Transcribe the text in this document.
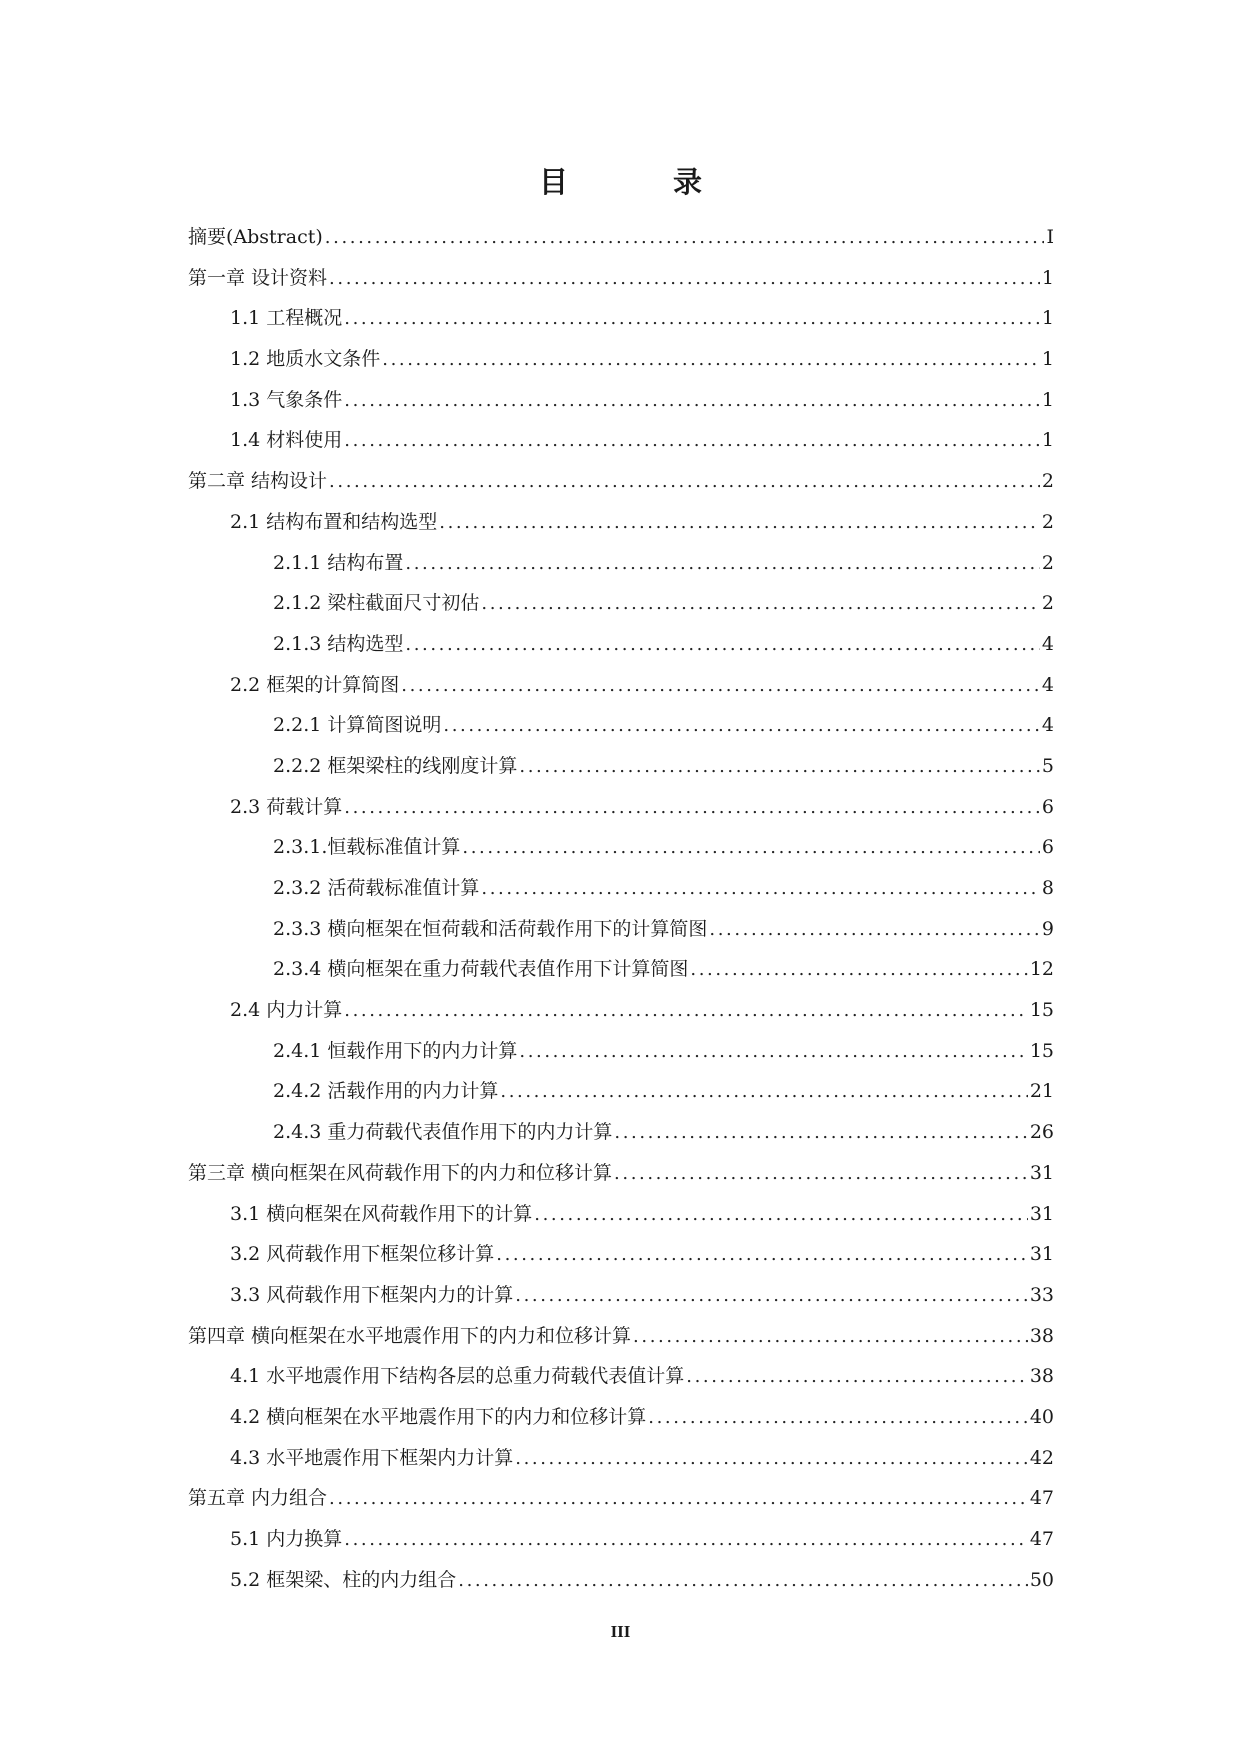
目　录
摘要(Abstract) .....	I
第一章 设计资料 .....	1
1.1 工程概况 .....	1
1.2 地质水文条件 .....	1
1.3 气象条件 .....	1
1.4 材料使用 .....	1
第二章 结构设计 .....	2
2.1 结构布置和结构选型 .....	2
2.1.1 结构布置 .....	2
2.1.2 梁柱截面尺寸初估 .....	2
2.1.3 结构选型 .....	4
2.2 框架的计算简图 .....	4
2.2.1 计算简图说明 .....	4
2.2.2 框架梁柱的线刚度计算 .....	5
2.3 荷载计算 .....	6
2.3.1.恒载标准值计算 .....	6
2.3.2 活荷载标准值计算 .....	8
2.3.3 横向框架在恒荷载和活荷载作用下的计算简图 .....	9
2.3.4 横向框架在重力荷载代表值作用下计算简图 .....	12
2.4 内力计算 .....	15
2.4.1 恒载作用下的内力计算 .....	15
2.4.2 活载作用的内力计算 .....	21
2.4.3 重力荷载代表值作用下的内力计算 .....	26
第三章 横向框架在风荷载作用下的内力和位移计算 .....	31
3.1 横向框架在风荷载作用下的计算 .....	31
3.2 风荷载作用下框架位移计算 .....	31
3.3 风荷载作用下框架内力的计算 .....	33
第四章 横向框架在水平地震作用下的内力和位移计算 .....	38
4.1 水平地震作用下结构各层的总重力荷载代表值计算 .....	38
4.2 横向框架在水平地震作用下的内力和位移计算 .....	40
4.3 水平地震作用下框架内力计算 .....	42
第五章 内力组合 .....	47
5.1 内力换算 .....	47
5.2 框架梁、柱的内力组合 .....	50
III
